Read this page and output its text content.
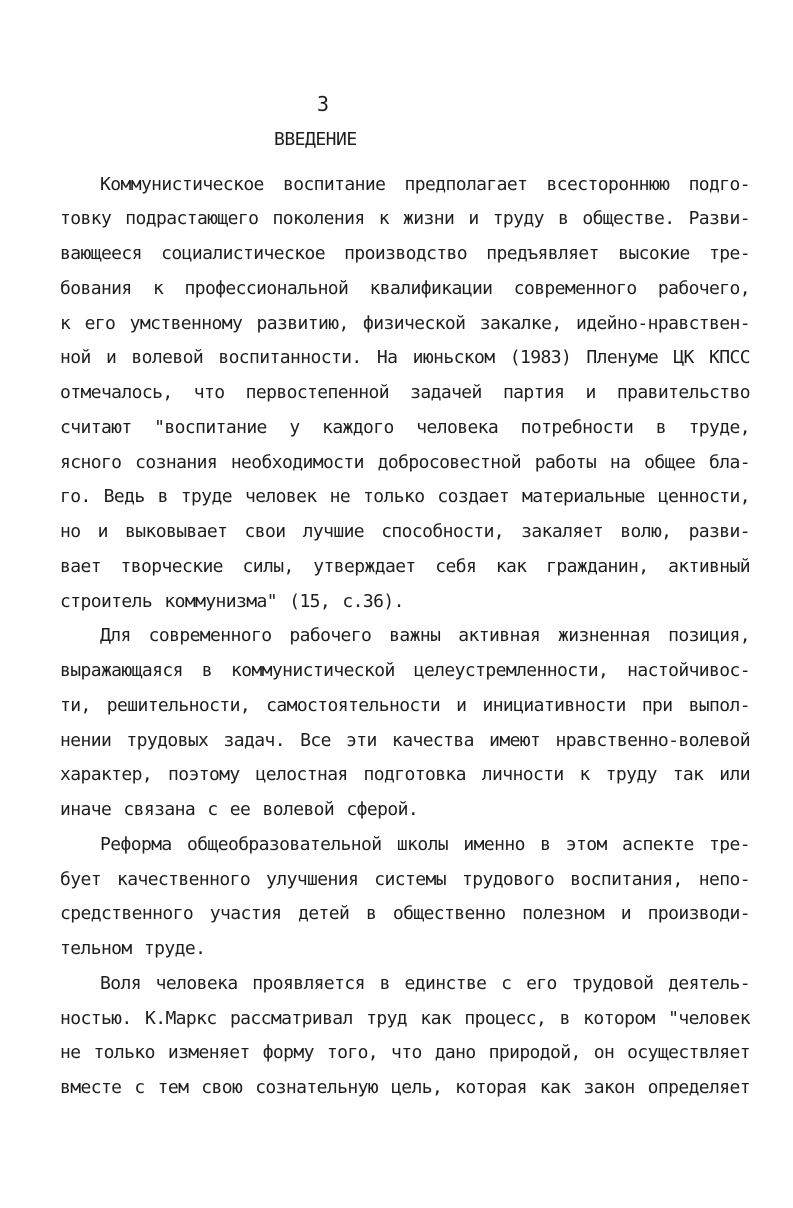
3
ВВЕДЕНИЕ
Коммунистическое воспитание предполагает всестороннюю подго-
товку подрастающего поколения к жизни и труду в обществе. Разви-
вающееся социалистическое производство предъявляет высокие тре-
бования к профессиональной квалификации современного рабочего,
к его умственному развитию, физической закалке, идейно-нравствен-
ной и волевой воспитанности. На июньском (1983) Пленуме ЦК КПСС
отмечалось, что первостепенной задачей партия и правительство
считают "воспитание у каждого человека потребности в труде,
ясного сознания необходимости добросовестной работы на общее бла-
го. Ведь в труде человек не только создает материальные ценности,
но и выковывает свои лучшие способности, закаляет волю, разви-
вает творческие силы, утверждает себя как гражданин, активный
строитель коммунизма" (15, с.36).
Для современного рабочего важны активная жизненная позиция,
выражающаяся в коммунистической целеустремленности, настойчивос-
ти, решительности, самостоятельности и инициативности при выпол-
нении трудовых задач. Все эти качества имеют нравственно-волевой
характер, поэтому целостная подготовка личности к труду так или
иначе связана с ее волевой сферой.
Реформа общеобразовательной школы именно в этом аспекте тре-
бует качественного улучшения системы трудового воспитания, непо-
средственного участия детей в общественно полезном и производи-
тельном труде.
Воля человека проявляется в единстве с его трудовой деятель-
ностью. К.Маркс рассматривал труд как процесс, в котором "человек
не только изменяет форму того, что дано природой, он осуществляет
вместе с тем свою сознательную цель, которая как закон определяет
